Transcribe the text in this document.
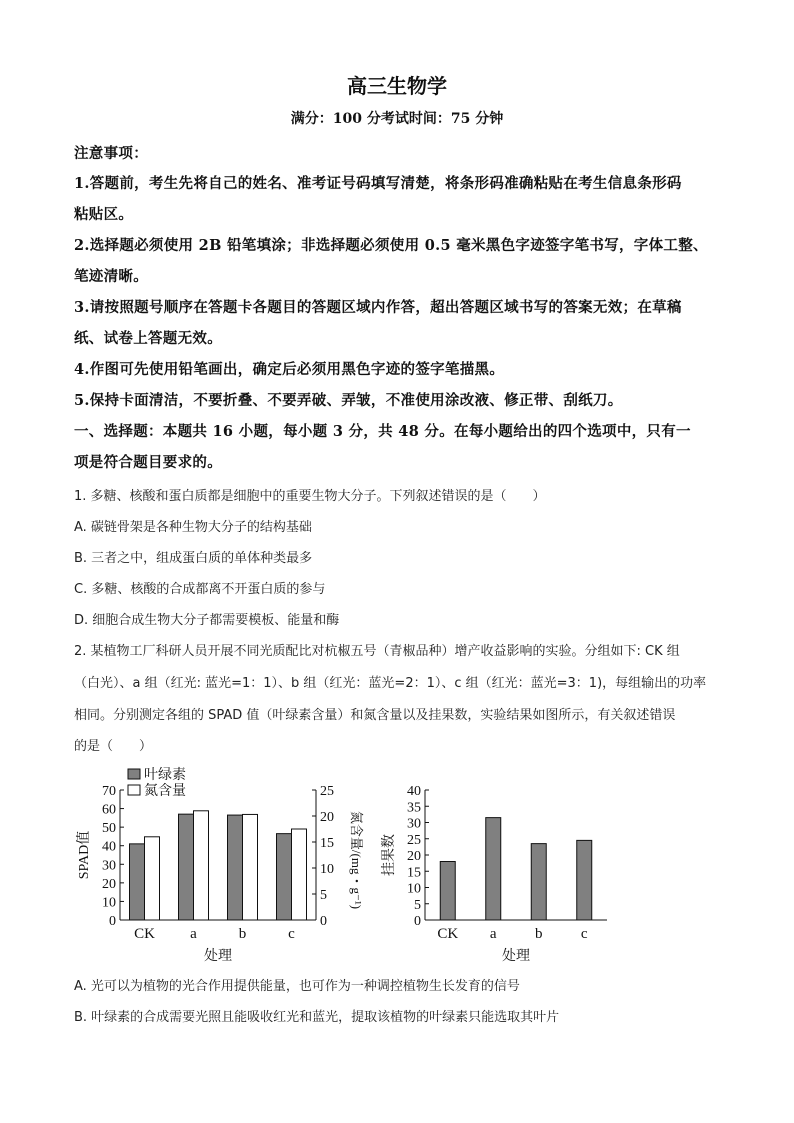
高三生物学
满分：100 分考试时间：75 分钟
注意事项：
1.答题前，考生先将自己的姓名、准考证号码填写清楚，将条形码准确粘贴在考生信息条形码
粘贴区。
2.选择题必须使用 2B 铅笔填涂；非选择题必须使用 0.5 毫米黑色字迹签字笔书写，字体工整、
笔迹清晰。
3.请按照题号顺序在答题卡各题目的答题区域内作答，超出答题区域书写的答案无效；在草稿
纸、试卷上答题无效。
4.作图可先使用铅笔画出，确定后必须用黑色字迹的签字笔描黑。
5.保持卡面清洁，不要折叠、不要弄破、弄皱，不准使用涂改液、修正带、刮纸刀。
一、选择题：本题共 16 小题，每小题 3 分，共 48 分。在每小题给出的四个选项中，只有一
项是符合题目要求的。
1. 多糖、核酸和蛋白质都是细胞中的重要生物大分子。下列叙述错误的是（　　）
A. 碳链骨架是各种生物大分子的结构基础
B. 三者之中，组成蛋白质的单体种类最多
C. 多糖、核酸的合成都离不开蛋白质的参与
D. 细胞合成生物大分子都需要模板、能量和酶
2. 某植物工厂科研人员开展不同光质配比对杭椒五号（青椒品种）增产收益影响的实验。分组如下: CK 组
（白光）、a 组（红光: 蓝光=1：1）、b 组（红光：蓝光=2：1）、c 组（红光：蓝光=3：1)，每组输出的功率
相同。分别测定各组的 SPAD 值（叶绿素含量）和氮含量以及挂果数，实验结果如图所示，有关叙述错误
的是（　　）
0
10
20
30
40
50
60
70
0
5
10
15
20
25
CK a	b	c
处理
SPAD值	氮含量/(mg・g⁻¹)
叶绿素
氮含量
0
5
10
15
20
25
30
35
40
CK a	b	c
处理
挂果数
A. 光可以为植物的光合作用提供能量，也可作为一种调控植物生长发育的信号
B. 叶绿素的合成需要光照且能吸收红光和蓝光，提取该植物的叶绿素只能选取其叶片
